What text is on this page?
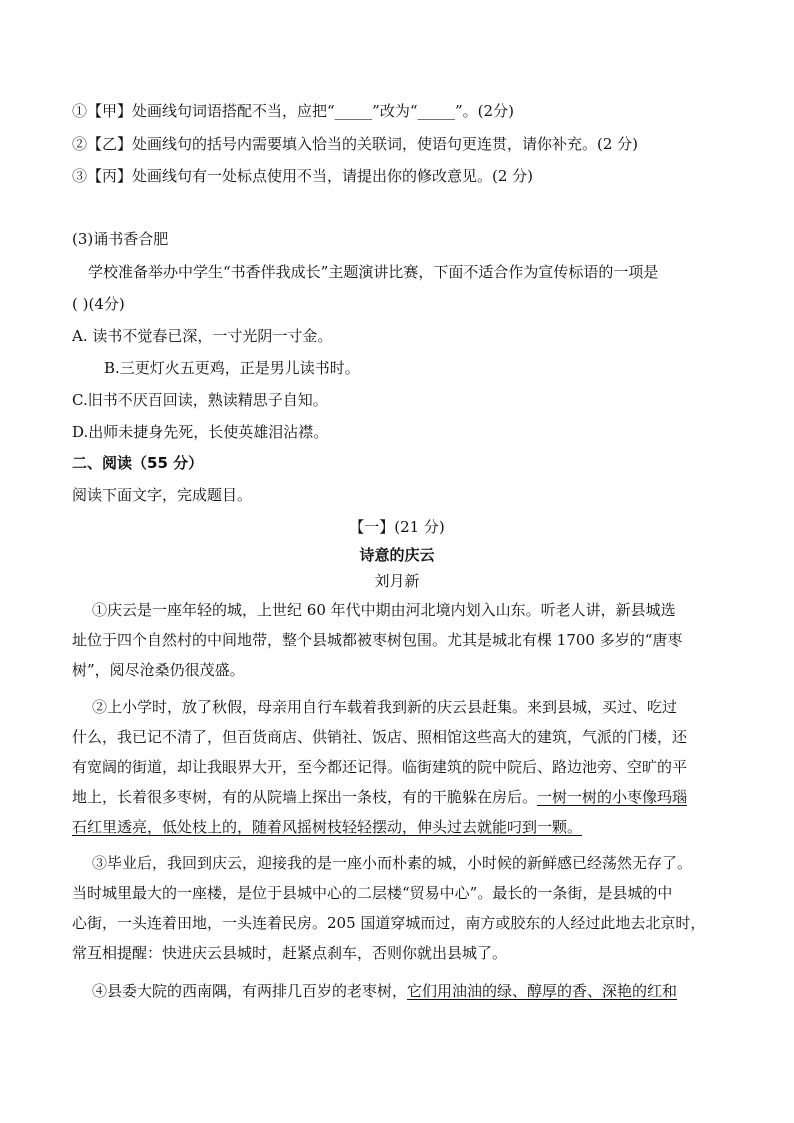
①【甲】处画线句词语搭配不当，应把“_____”改为“_____”。(2分)
②【乙】处画线句的括号内需要填入恰当的关联词，使语句更连贯，请你补充。(2 分)
③【丙】处画线句有一处标点使用不当，请提出你的修改意见。(2 分)
(3)诵书香合肥
学校准备举办中学生“书香伴我成长”主题演讲比赛，下面不适合作为宣传标语的一项是
( )(4分)
A. 读书不觉春已深，一寸光阴一寸金。
B.三更灯火五更鸡，正是男儿读书时。
C.旧书不厌百回读，熟读精思子自知。
D.出师未捷身先死，长使英雄泪沾襟。
二、阅读（55 分）
阅读下面文字，完成题目。
【一】(21 分)
诗意的庆云
刘月新
①庆云是一座年轻的城，上世纪 60 年代中期由河北境内划入山东。听老人讲，新县城选
址位于四个自然村的中间地带，整个县城都被枣树包围。尤其是城北有棵 1700 多岁的“唐枣
树”，阅尽沧桑仍很茂盛。
②上小学时，放了秋假，母亲用自行车载着我到新的庆云县赶集。来到县城，买过、吃过
什么，我已记不清了，但百货商店、供销社、饭店、照相馆这些高大的建筑，气派的门楼，还
有宽阔的街道，却让我眼界大开，至今都还记得。临街建筑的院中院后、路边池旁、空旷的平
地上，长着很多枣树，有的从院墙上探出一条枝，有的干脆躲在房后。一树一树的小枣像玛瑙
石红里透亮，低处枝上的，随着风摇树枝轻轻摆动，伸头过去就能叼到一颗。
③毕业后，我回到庆云，迎接我的是一座小而朴素的城，小时候的新鲜感已经荡然无存了。
当时城里最大的一座楼，是位于县城中心的二层楼“贸易中心”。最长的一条街，是县城的中
心街，一头连着田地，一头连着民房。205 国道穿城而过，南方或胶东的人经过此地去北京时，
常互相提醒：快进庆云县城时，赶紧点刹车，否则你就出县城了。
④县委大院的西南隅，有两排几百岁的老枣树，它们用油油的绿、醇厚的香、深艳的红和
